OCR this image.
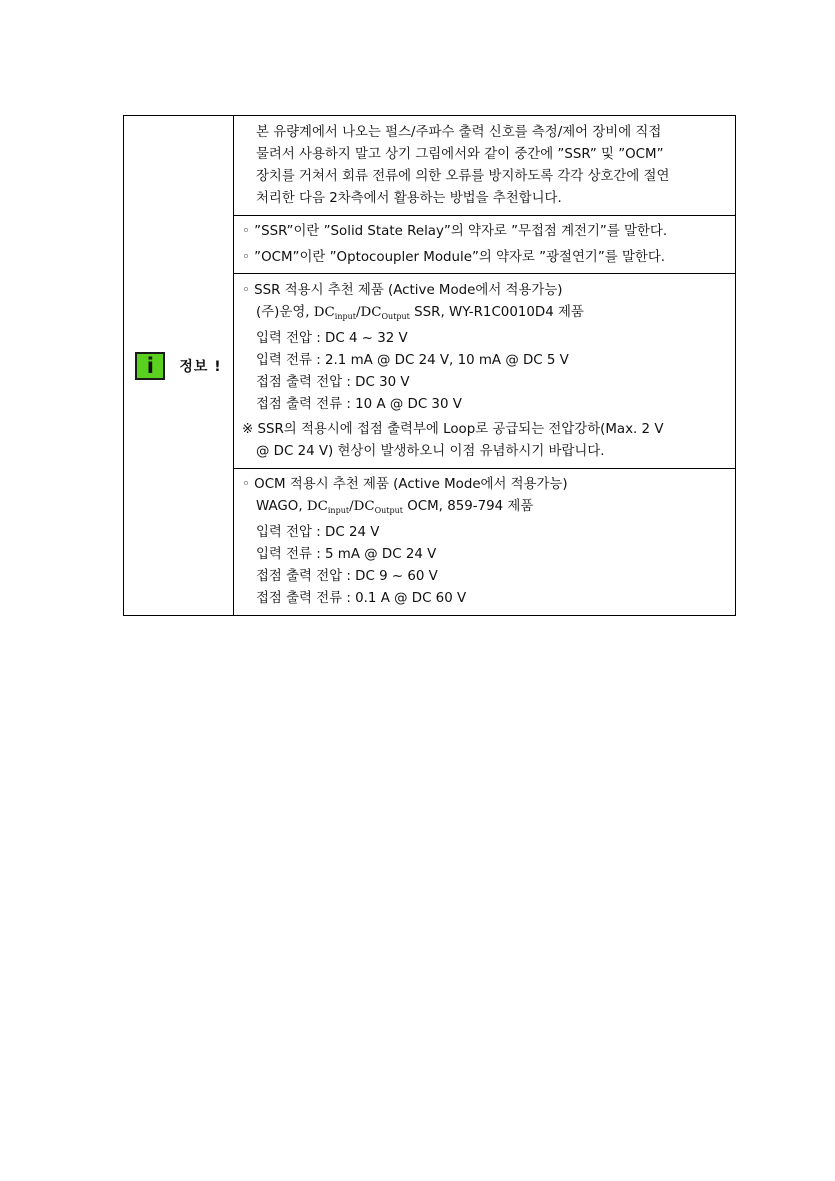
i	정보 !

본 유량계에서 나오는 펄스/주파수 출력 신호를 측정/제어 장비에 직접
물려서 사용하지 말고 상기 그림에서와 같이 중간에 ”SSR” 및 ”OCM”
장치를 거쳐서 회류 전류에 의한 오류를 방지하도록 각각 상호간에 절연
처리한 다음 2차측에서 활용하는 방법을 추천합니다.

◦ ”SSR”이란 ”Solid State Relay”의 약자로 ”무접점 계전기”를 말한다.
◦ ”OCM”이란 ”Optocoupler Module”의 약자로 ”광절연기”를 말한다.

◦ SSR 적용시 추천 제품 (Active Mode에서 적용가능)
(주)운영, $DC_{input}/DC_{Output}$ SSR, WY-R1C0010D4 제품
입력 전압 : DC 4 ~ 32 V
입력 전류 : 2.1 mA @ DC 24 V, 10 mA @ DC 5 V
접점 출력 전압 : DC 30 V
접점 출력 전류 : 10 A @ DC 30 V
※ SSR의 적용시에 접점 출력부에 Loop로 공급되는 전압강하(Max. 2 V
@ DC 24 V) 현상이 발생하오니 이점 유념하시기 바랍니다.

◦ OCM 적용시 추천 제품 (Active Mode에서 적용가능)
WAGO, $DC_{input}/DC_{Output}$ OCM, 859-794 제품
입력 전압 : DC 24 V
입력 전류 : 5 mA @ DC 24 V
접점 출력 전압 : DC 9 ~ 60 V
접점 출력 전류 : 0.1 A @ DC 60 V
